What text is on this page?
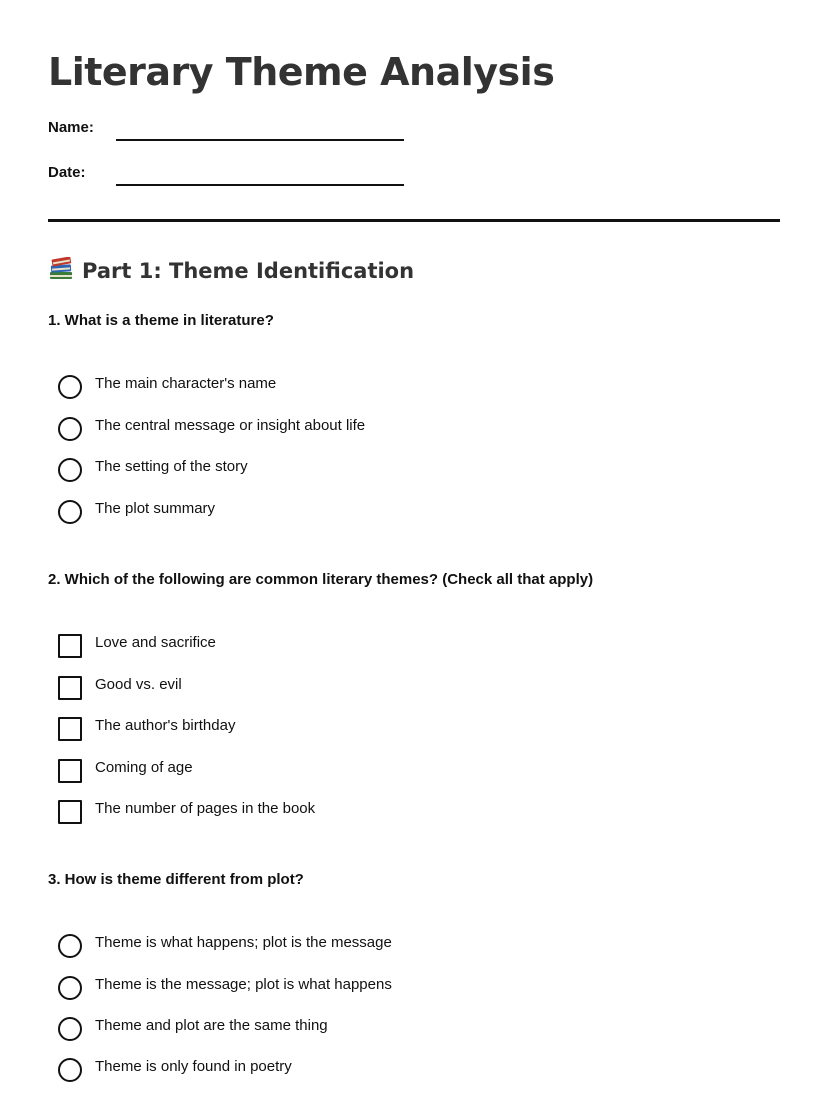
Literary Theme Analysis
Name:
Date:
Part 1: Theme Identification

1. What is a theme in literature?

The main character's name
The central message or insight about life
The setting of the story
The plot summary

2. Which of the following are common literary themes? (Check all that apply)

Love and sacrifice
Good vs. evil
The author's birthday
Coming of age
The number of pages in the book

3. How is theme different from plot?

Theme is what happens; plot is the message
Theme is the message; plot is what happens
Theme and plot are the same thing
Theme is only found in poetry
